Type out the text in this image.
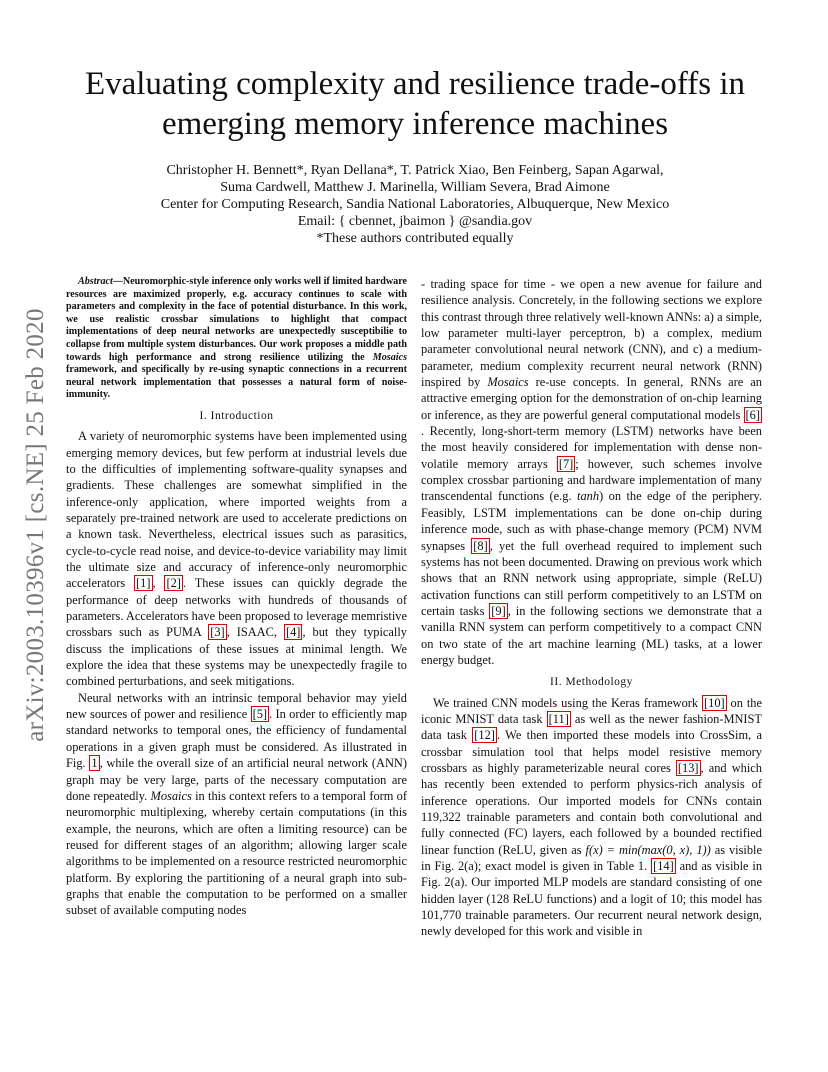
arXiv:2003.10396v1 [cs.NE] 25 Feb 2020
Evaluating complexity and resilience trade-offs in
emerging memory inference machines
Christopher H. Bennett*, Ryan Dellana*, T. Patrick Xiao, Ben Feinberg, Sapan Agarwal,
Suma Cardwell, Matthew J. Marinella, William Severa, Brad Aimone
Center for Computing Research, Sandia National Laboratories, Albuquerque, New Mexico
Email: { cbennet, jbaimon } @sandia.gov
*These authors contributed equally

Abstract—Neuromorphic-style inference only works well if limited hardware resources are maximized properly, e.g. accuracy continues to scale with parameters and complexity in the face of potential disturbance. In this work, we use realistic crossbar simulations to highlight that compact implementations of deep neural networks are unexpectedly susceptibilie to collapse from multiple system disturbances. Our work proposes a middle path towards high performance and strong resilience utilizing the Mosaics framework, and specifically by re-using synaptic connections in a recurrent neural network implementation that possesses a natural form of noise-immunity.

I. Introduction

A variety of neuromorphic systems have been implemented using emerging memory devices, but few perform at industrial levels due to the difficulties of implementing software-quality synapses and gradients. These challenges are somewhat simplified in the inference-only application, where imported weights from a separately pre-trained network are used to accelerate predictions on a known task. Nevertheless, electrical issues such as parasitics, cycle-to-cycle read noise, and device-to-device variability may limit the ultimate size and accuracy of inference-only neuromorphic accelerators [1] , [2] . These issues can quickly degrade the performance of deep networks with hundreds of thousands of parameters. Accelerators have been proposed to leverage memristive crossbars such as PUMA [3] , ISAAC, [4] , but they typically discuss the implications of these issues at minimal length. We explore the idea that these systems may be unexpectedly fragile to combined perturbations, and seek mitigations.

Neural networks with an intrinsic temporal behavior may yield new sources of power and resilience [5] . In order to efficiently map standard networks to temporal ones, the efficiency of fundamental operations in a given graph must be considered. As illustrated in Fig. 1 , while the overall size of an artificial neural network (ANN) graph may be very large, parts of the necessary computation are done repeatedly. Mosaics in this context refers to a temporal form of neuromorphic multiplexing, whereby certain computations (in this example, the neurons, which are often a limiting resource) can be reused for different stages of an algorithm; allowing larger scale algorithms to be implemented on a resource restricted neuromorphic platform. By exploring the partitioning of a neural graph into sub-graphs that enable the computation to be performed on a smaller subset of available computing nodes

- trading space for time - we open a new avenue for failure and resilience analysis. Concretely, in the following sections we explore this contrast through three relatively well-known ANNs: a) a simple, low parameter multi-layer perceptron, b) a complex, medium parameter convolutional neural network (CNN), and c) a medium-parameter, medium complexity recurrent neural network (RNN) inspired by Mosaics re-use concepts. In general, RNNs are an attractive emerging option for the demonstration of on-chip learning or inference, as they are powerful general computational models [6] . Recently, long-short-term memory (LSTM) networks have been the most heavily considered for implementation with dense non-volatile memory arrays [7] ; however, such schemes involve complex crossbar partioning and hardware implementation of many transcendental functions (e.g. tanh) on the edge of the periphery. Feasibly, LSTM implementations can be done on-chip during inference mode, such as with phase-change memory (PCM) NVM synapses [8] , yet the full overhead required to implement such systems has not been documented. Drawing on previous work which shows that an RNN network using appropriate, simple (ReLU) activation functions can still perform competitively to an LSTM on certain tasks [9] , in the following sections we demonstrate that a vanilla RNN system can perform competitively to a compact CNN on two state of the art machine learning (ML) tasks, at a lower energy budget.

II. Methodology

We trained CNN models using the Keras framework [10] on the iconic MNIST data task [11] as well as the newer fashion-MNIST data task [12] . We then imported these models into CrossSim, a crossbar simulation tool that helps model resistive memory crossbars as highly parameterizable neural cores [13] , and which has recently been extended to perform physics-rich analysis of inference operations. Our imported models for CNNs contain 119,322 trainable parameters and contain both convolutional and fully connected (FC) layers, each followed by a bounded rectified linear function (ReLU, given as f(x) = min(max(0, x), 1)) as visible in Fig. 2(a); exact model is given in Table 1. [14] and as visible in Fig. 2(a). Our imported MLP models are standard consisting of one hidden layer (128 ReLU functions) and a logit of 10; this model has 101,770 trainable parameters. Our recurrent neural network design, newly developed for this work and visible in
